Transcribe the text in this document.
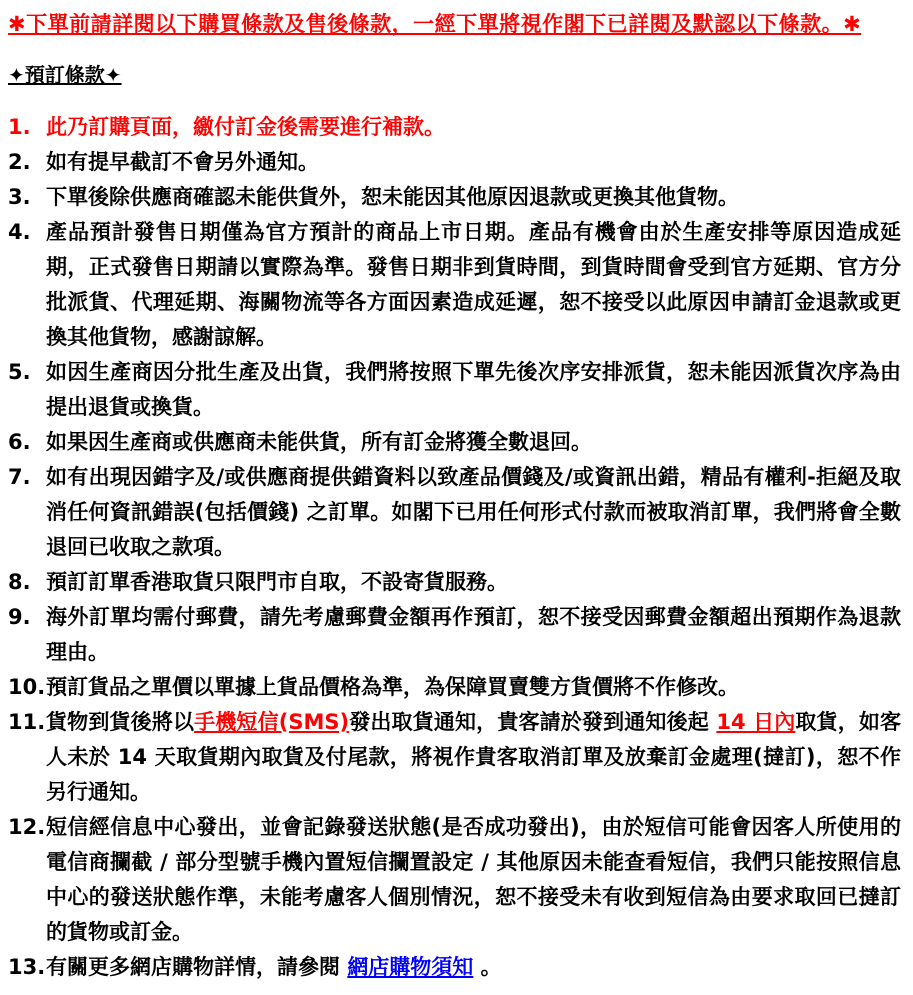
✱下單前請詳閱以下購買條款及售後條款，一經下單將視作閣下已詳閱及默認以下條款。✱
✦預訂條款✦
1. 此乃訂購頁面，繳付訂金後需要進行補款。
2. 如有提早截訂不會另外通知。
3. 下單後除供應商確認未能供貨外，恕未能因其他原因退款或更換其他貨物。
4. 產品預計發售日期僅為官方預計的商品上市日期。產品有機會由於生產安排等原因造成延期，正式發售日期請以實際為準。發售日期非到貨時間，到貨時間會受到官方延期、官方分批派貨、代理延期、海關物流等各方面因素造成延遲，恕不接受以此原因申請訂金退款或更換其他貨物，感謝諒解。
5. 如因生產商因分批生產及出貨，我們將按照下單先後次序安排派貨，恕未能因派貨次序為由提出退貨或換貨。
6. 如果因生產商或供應商未能供貨，所有訂金將獲全數退回。
7. 如有出現因錯字及/或供應商提供錯資料以致產品價錢及/或資訊出錯，精品有權利-拒絕及取消任何資訊錯誤(包括價錢) 之訂單。如閣下已用任何形式付款而被取消訂單，我們將會全數退回已收取之款項。
8. 預訂訂單香港取貨只限門市自取，不設寄貨服務。
9. 海外訂單均需付郵費，請先考慮郵費金額再作預訂，恕不接受因郵費金額超出預期作為退款理由。
10. 預訂貨品之單價以單據上貨品價格為準，為保障買賣雙方貨價將不作修改。
11. 貨物到貨後將以手機短信(SMS)發出取貨通知，貴客請於發到通知後起 14 日內取貨，如客人未於 14 天取貨期內取貨及付尾款，將視作貴客取消訂單及放棄訂金處理(撻訂)，恕不作另行通知。
12. 短信經信息中心發出，並會記錄發送狀態(是否成功發出)，由於短信可能會因客人所使用的電信商攔截 / 部分型號手機內置短信攔置設定 / 其他原因未能查看短信，我們只能按照信息中心的發送狀態作準，未能考慮客人個別情況，恕不接受未有收到短信為由要求取回已撻訂的貨物或訂金。
13. 有關更多網店購物詳情，請參閱 網店購物須知 。
